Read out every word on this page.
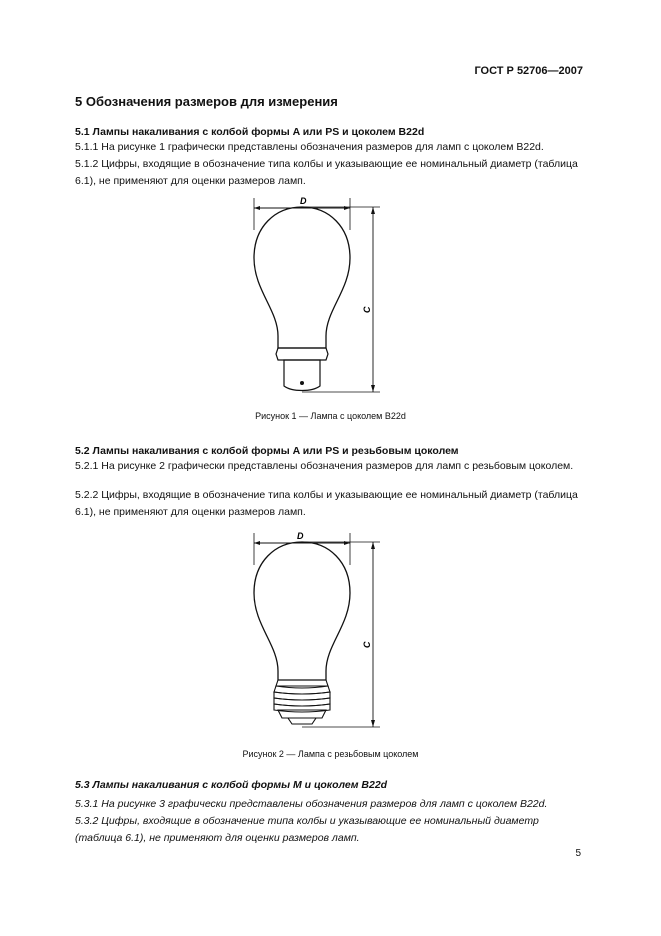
ГОСТ Р 52706—2007
5 Обозначения размеров для измерения
5.1 Лампы накаливания с колбой формы A или PS и цоколем B22d
5.1.1 На рисунке 1 графически представлены обозначения размеров для ламп с цоколем B22d.
5.1.2 Цифры, входящие в обозначение типа колбы и указывающие ее номинальный диаметр (таблица 6.1), не применяют для оценки размеров ламп.
D
C
Рисунок 1 — Лампа с цоколем B22d
5.2 Лампы накаливания с колбой формы A или PS и резьбовым цоколем
5.2.1 На рисунке 2 графически представлены обозначения размеров для ламп с резьбовым цоколем.
5.2.2 Цифры, входящие в обозначение типа колбы и указывающие ее номинальный диаметр (таблица 6.1), не применяют для оценки размеров ламп.
D
C
Рисунок 2 — Лампа с резьбовым цоколем
5.3 Лампы накаливания с колбой формы M и цоколем B22d
5.3.1 На рисунке 3 графически представлены обозначения размеров для ламп с цоколем B22d.
5.3.2 Цифры, входящие в обозначение типа колбы и указывающие ее номинальный диаметр (таблица 6.1), не применяют для оценки размеров ламп.
5
